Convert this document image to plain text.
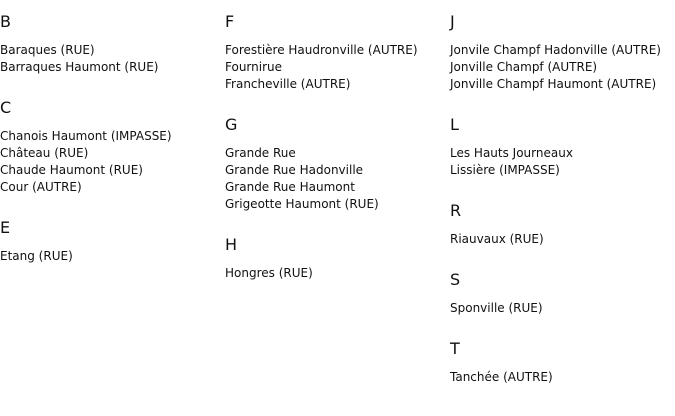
B
Baraques (RUE)
Barraques Haumont (RUE)
C
Chanois Haumont (IMPASSE)
Château (RUE)
Chaude Haumont (RUE)
Cour (AUTRE)
E
Etang (RUE)
F
Forestière Haudronville (AUTRE)
Fournirue
Francheville (AUTRE)
G
Grande Rue
Grande Rue Hadonville
Grande Rue Haumont
Grigeotte Haumont (RUE)
H
Hongres (RUE)
J
Jonvile Champf Hadonville (AUTRE)
Jonville Champf (AUTRE)
Jonville Champf Haumont (AUTRE)
L
Les Hauts Journeaux
Lissière (IMPASSE)
R
Riauvaux (RUE)
S
Sponville (RUE)
T
Tanchée (AUTRE)
